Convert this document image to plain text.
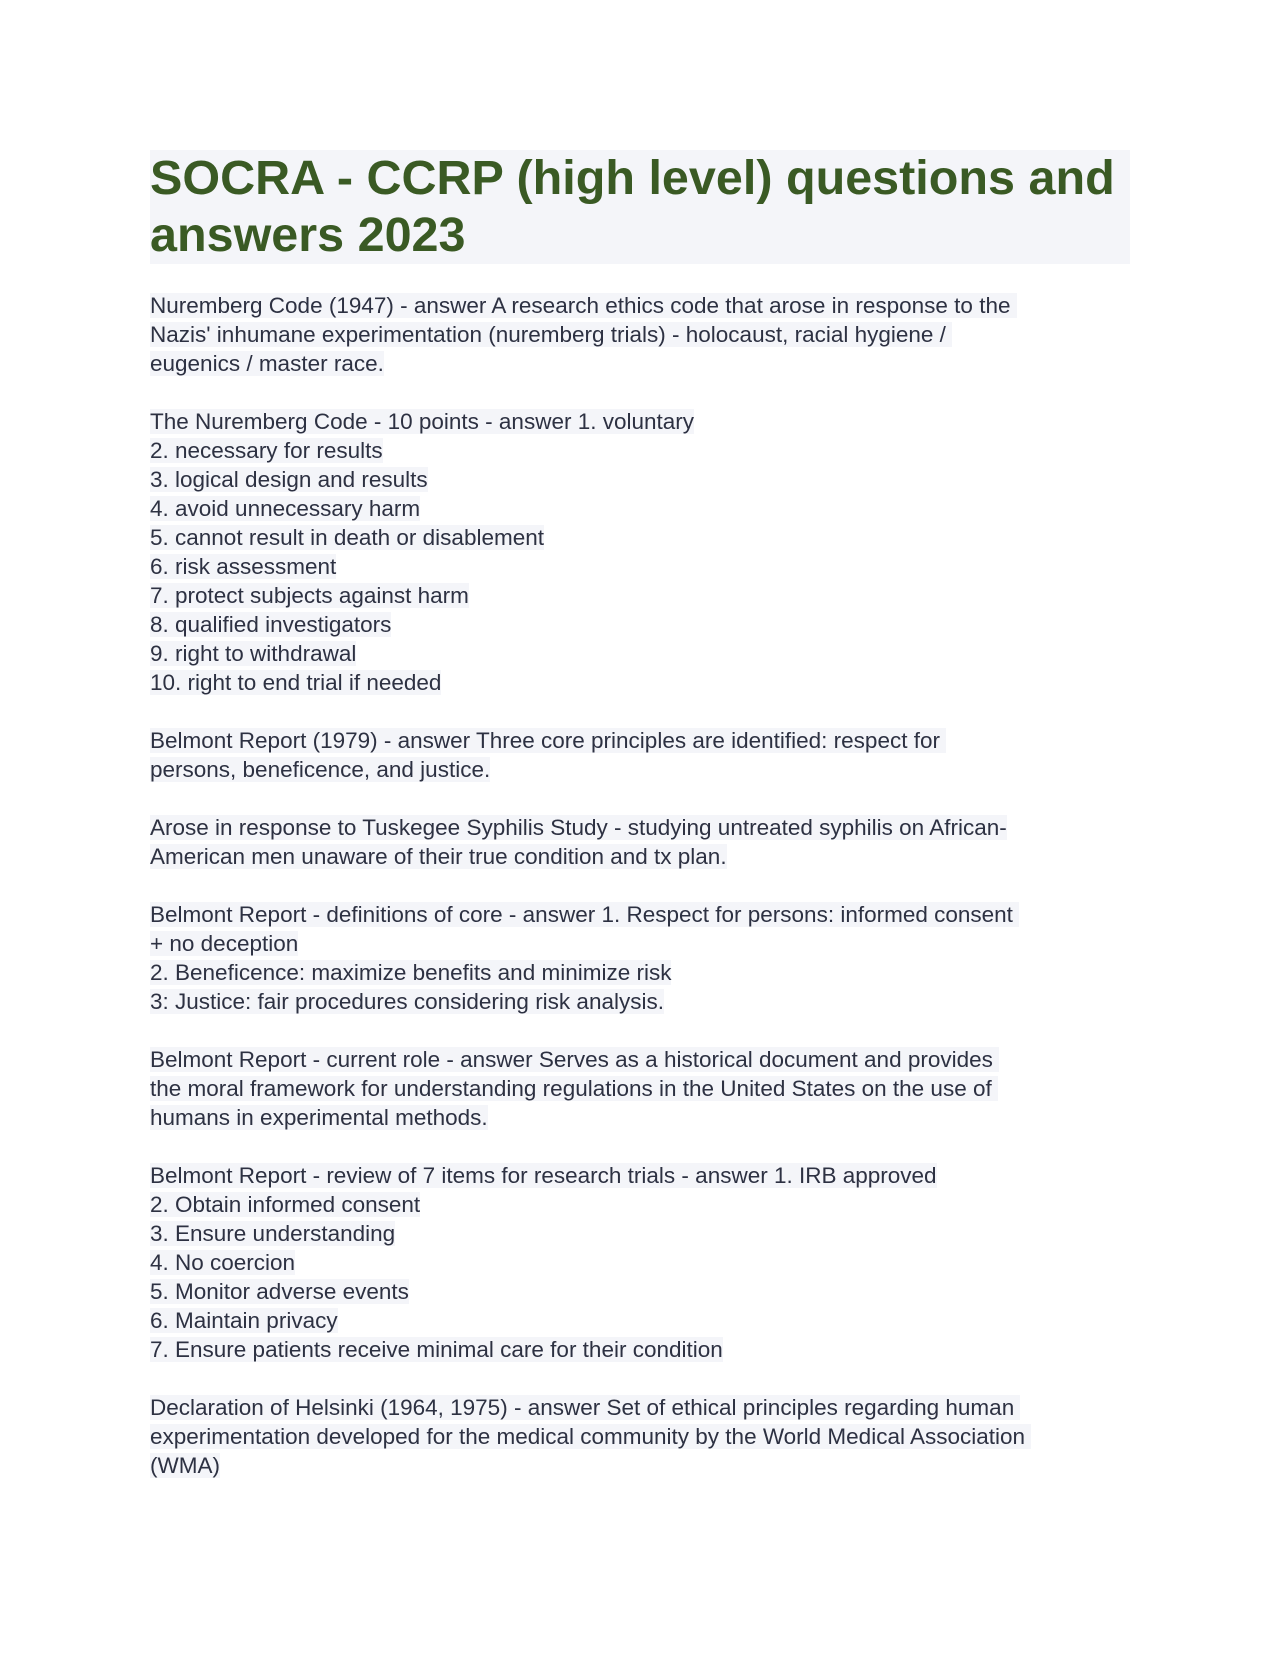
SOCRA - CCRP (high level) questions and answers 2023
Nuremberg Code (1947) - answer A research ethics code that arose in response to the
Nazis' inhumane experimentation (nuremberg trials) - holocaust, racial hygiene /
eugenics / master race.
The Nuremberg Code - 10 points - answer 1. voluntary
2. necessary for results
3. logical design and results
4. avoid unnecessary harm
5. cannot result in death or disablement
6. risk assessment
7. protect subjects against harm
8. qualified investigators
9. right to withdrawal
10. right to end trial if needed
Belmont Report (1979) - answer Three core principles are identified: respect for
persons, beneficence, and justice.
Arose in response to Tuskegee Syphilis Study - studying untreated syphilis on African-
American men unaware of their true condition and tx plan.
Belmont Report - definitions of core - answer 1. Respect for persons: informed consent
+ no deception
2. Beneficence: maximize benefits and minimize risk
3: Justice: fair procedures considering risk analysis.
Belmont Report - current role - answer Serves as a historical document and provides
the moral framework for understanding regulations in the United States on the use of
humans in experimental methods.
Belmont Report - review of 7 items for research trials - answer 1. IRB approved
2. Obtain informed consent
3. Ensure understanding
4. No coercion
5. Monitor adverse events
6. Maintain privacy
7. Ensure patients receive minimal care for their condition
Declaration of Helsinki (1964, 1975) - answer Set of ethical principles regarding human
experimentation developed for the medical community by the World Medical Association
(WMA)
